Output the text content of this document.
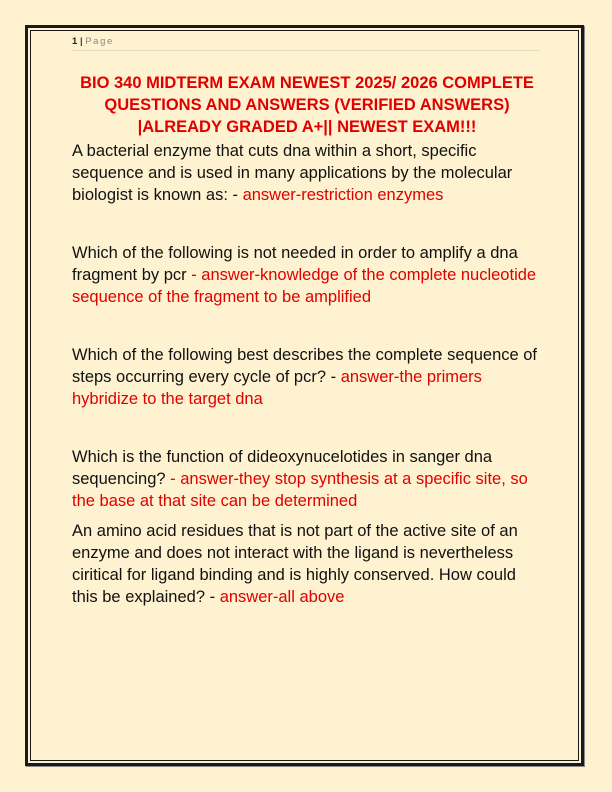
1 | Page

BIO 340 MIDTERM EXAM NEWEST 2025/ 2026 COMPLETE QUESTIONS AND ANSWERS (VERIFIED ANSWERS) |ALREADY GRADED A+|| NEWEST EXAM!!!

A bacterial enzyme that cuts dna within a short, specific sequence and is used in many applications by the molecular biologist is known as: - answer-restriction enzymes

Which of the following is not needed in order to amplify a dna fragment by pcr - answer-knowledge of the complete nucleotide sequence of the fragment to be amplified

Which of the following best describes the complete sequence of steps occurring every cycle of pcr? - answer-the primers hybridize to the target dna

Which is the function of dideoxynucelotides in sanger dna sequencing? - answer-they stop synthesis at a specific site, so the base at that site can be determined

An amino acid residues that is not part of the active site of an enzyme and does not interact with the ligand is nevertheless ciritical for ligand binding and is highly conserved. How could this be explained? - answer-all above
